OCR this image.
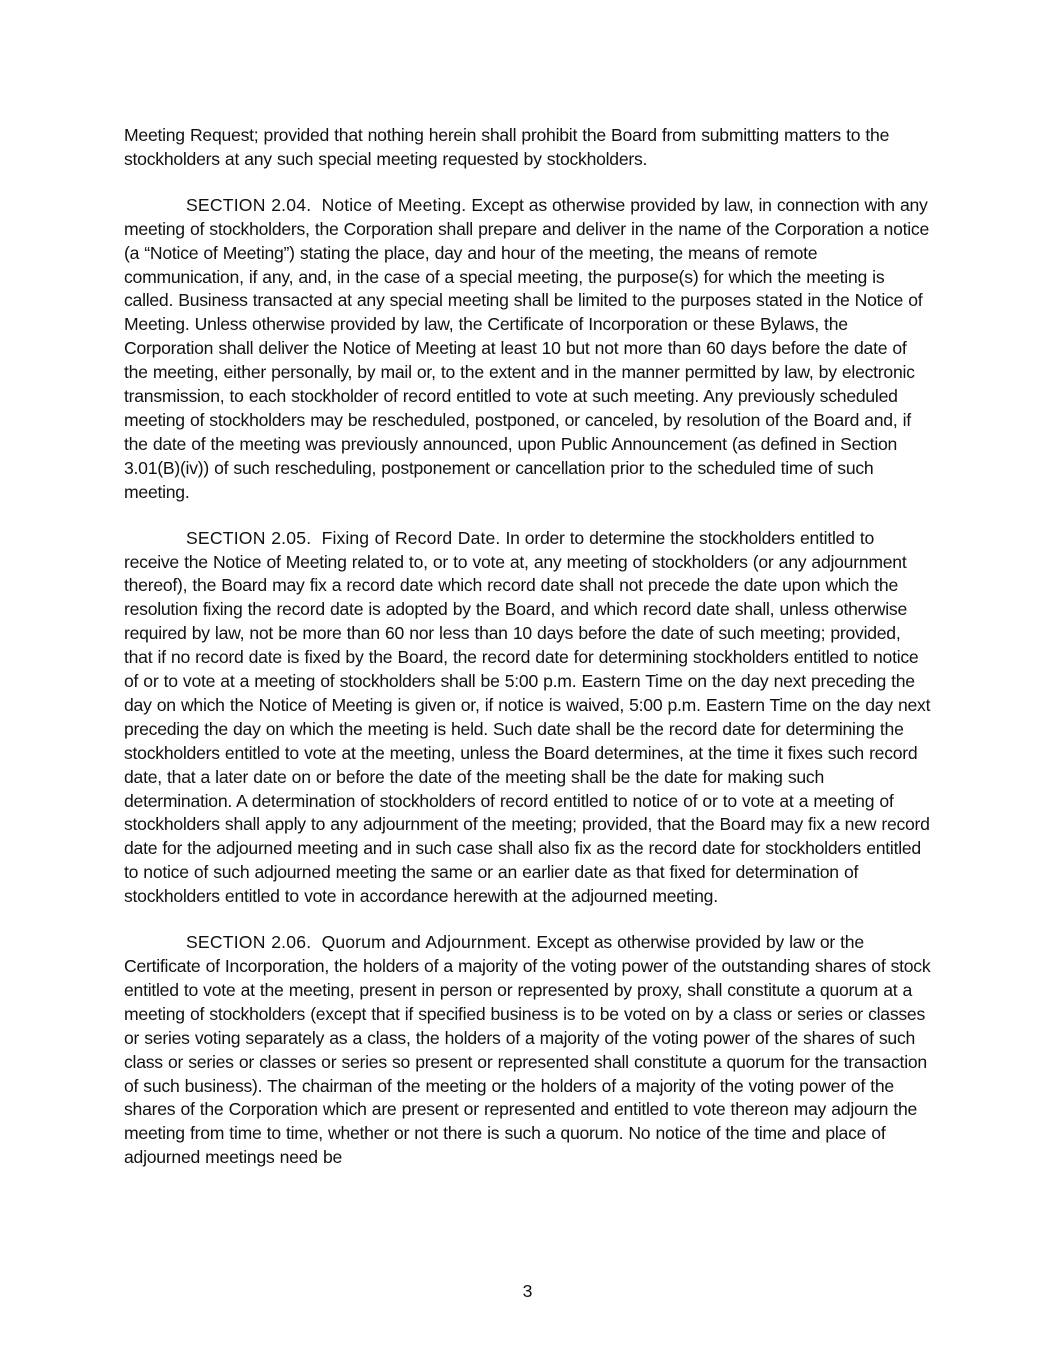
Meeting Request; provided that nothing herein shall prohibit the Board from submitting matters to the stockholders at any such special meeting requested by stockholders.

SECTION 2.04. Notice of Meeting. Except as otherwise provided by law, in connection with any meeting of stockholders, the Corporation shall prepare and deliver in the name of the Corporation a notice (a “Notice of Meeting”) stating the place, day and hour of the meeting, the means of remote communication, if any, and, in the case of a special meeting, the purpose(s) for which the meeting is called. Business transacted at any special meeting shall be limited to the purposes stated in the Notice of Meeting. Unless otherwise provided by law, the Certificate of Incorporation or these Bylaws, the Corporation shall deliver the Notice of Meeting at least 10 but not more than 60 days before the date of the meeting, either personally, by mail or, to the extent and in the manner permitted by law, by electronic transmission, to each stockholder of record entitled to vote at such meeting. Any previously scheduled meeting of stockholders may be rescheduled, postponed, or canceled, by resolution of the Board and, if the date of the meeting was previously announced, upon Public Announcement (as defined in Section 3.01(B)(iv)) of such rescheduling, postponement or cancellation prior to the scheduled time of such meeting.

SECTION 2.05. Fixing of Record Date. In order to determine the stockholders entitled to receive the Notice of Meeting related to, or to vote at, any meeting of stockholders (or any adjournment thereof), the Board may fix a record date which record date shall not precede the date upon which the resolution fixing the record date is adopted by the Board, and which record date shall, unless otherwise required by law, not be more than 60 nor less than 10 days before the date of such meeting; provided, that if no record date is fixed by the Board, the record date for determining stockholders entitled to notice of or to vote at a meeting of stockholders shall be 5:00 p.m. Eastern Time on the day next preceding the day on which the Notice of Meeting is given or, if notice is waived, 5:00 p.m. Eastern Time on the day next preceding the day on which the meeting is held. Such date shall be the record date for determining the stockholders entitled to vote at the meeting, unless the Board determines, at the time it fixes such record date, that a later date on or before the date of the meeting shall be the date for making such determination. A determination of stockholders of record entitled to notice of or to vote at a meeting of stockholders shall apply to any adjournment of the meeting; provided, that the Board may fix a new record date for the adjourned meeting and in such case shall also fix as the record date for stockholders entitled to notice of such adjourned meeting the same or an earlier date as that fixed for determination of stockholders entitled to vote in accordance herewith at the adjourned meeting.

SECTION 2.06. Quorum and Adjournment. Except as otherwise provided by law or the Certificate of Incorporation, the holders of a majority of the voting power of the outstanding shares of stock entitled to vote at the meeting, present in person or represented by proxy, shall constitute a quorum at a meeting of stockholders (except that if specified business is to be voted on by a class or series or classes or series voting separately as a class, the holders of a majority of the voting power of the shares of such class or series or classes or series so present or represented shall constitute a quorum for the transaction of such business). The chairman of the meeting or the holders of a majority of the voting power of the shares of the Corporation which are present or represented and entitled to vote thereon may adjourn the meeting from time to time, whether or not there is such a quorum. No notice of the time and place of adjourned meetings need be

3
